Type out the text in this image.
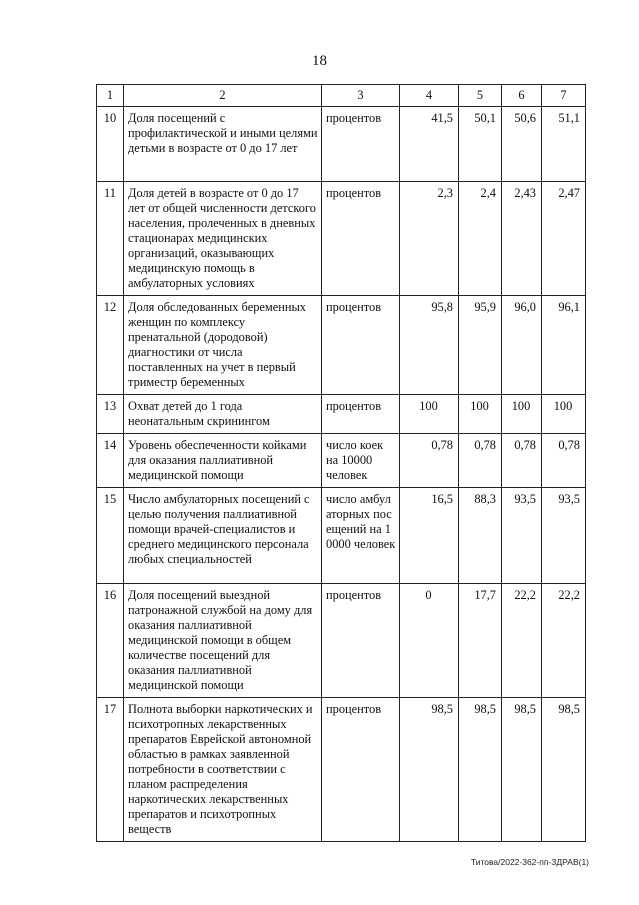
18
1	2	3	4	5	6	7
10	Доля посещений с профилактической и иными целями детьми в возрасте от 0 до 17 лет	процентов	41,5	50,1	50,6	51,1
11	Доля детей в возрасте от 0 до 17 лет от общей численности детского населения, пролеченных в дневных стационарах медицинских организаций, оказывающих медицинскую помощь в амбулаторных условиях	процентов	2,3	2,4	2,43	2,47
12	Доля обследованных беременных женщин по комплексу пренатальной (дородовой) диагностики от числа поставленных на учет в первый триместр беременных	процентов	95,8	95,9	96,0	96,1
13	Охват детей до 1 года неонатальным скринингом	процентов	100	100	100	100
14	Уровень обеспеченности койками для оказания паллиативной медицинской помощи	число коек на 10000 человек	0,78	0,78	0,78	0,78
15	Число амбулаторных посещений с целью получения паллиативной помощи врачей-специалистов и среднего медицинского персонала любых специальностей	число амбулаторных посещений на 10000 человек	16,5	88,3	93,5	93,5
16	Доля посещений выездной патронажной службой на дому для оказания паллиативной медицинской помощи в общем количестве посещений для оказания паллиативной медицинской помощи	процентов	0	17,7	22,2	22,2
17	Полнота выборки наркотических и психотропных лекарственных препаратов Еврейской автономной областью в рамках заявленной потребности в соответствии с планом распределения наркотических лекарственных препаратов и психотропных веществ	процентов	98,5	98,5	98,5	98,5
Титова/2022-362-пп-ЗДРАВ(1)
